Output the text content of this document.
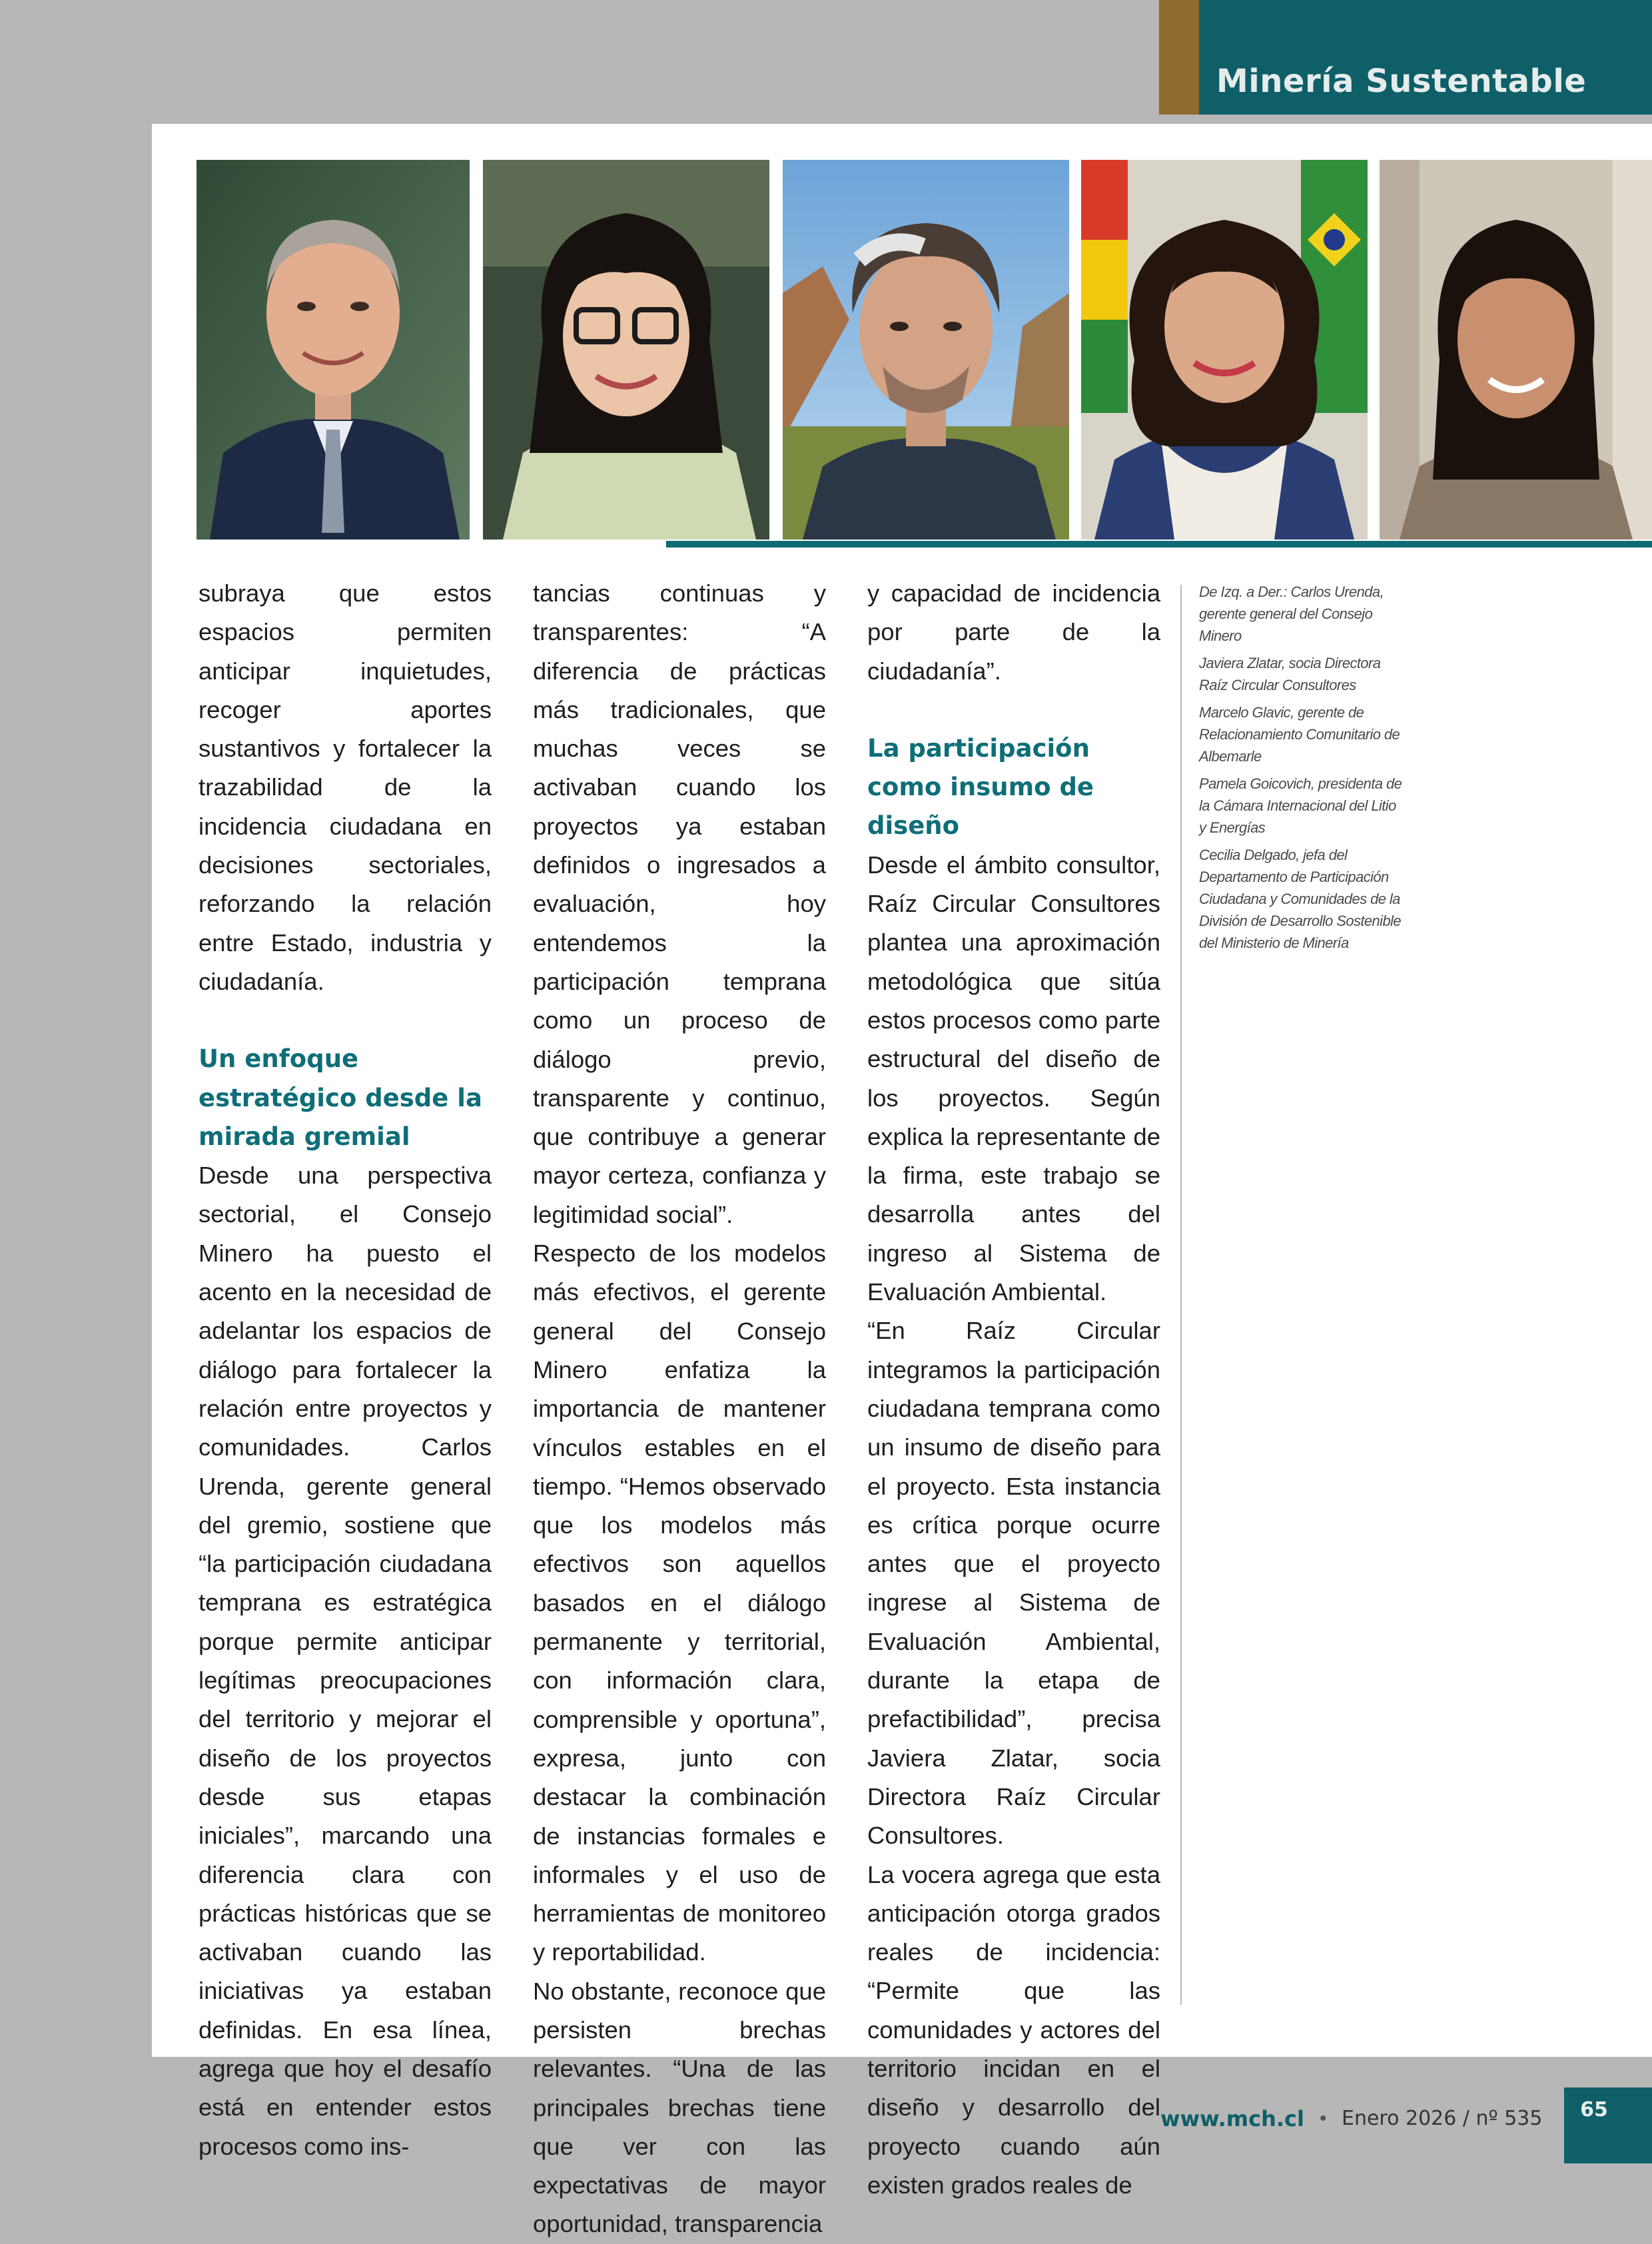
Minería Sustentable

subraya que estos espacios permiten anticipar inquietudes, recoger aportes sustantivos y fortalecer la trazabilidad de la incidencia ciudadana en decisiones sectoriales, reforzando la relación entre Estado, industria y ciudadanía.

Un enfoque estratégico desde la mirada gremial

Desde una perspectiva sectorial, el Consejo Minero ha puesto el acento en la necesidad de adelantar los espacios de diálogo para fortalecer la relación entre proyectos y comunidades. Carlos Urenda, gerente general del gremio, sostiene que “la participación ciudadana temprana es estratégica porque permite anticipar legítimas preocupaciones del territorio y mejorar el diseño de los proyectos desde sus etapas iniciales”, marcando una diferencia clara con prácticas históricas que se activaban cuando las iniciativas ya estaban definidas. En esa línea, agrega que hoy el desafío está en entender estos procesos como ins-

tancias continuas y transparentes: “A diferencia de prácticas más tradicionales, que muchas veces se activaban cuando los proyectos ya estaban definidos o ingresados a evaluación, hoy entendemos la participación temprana como un proceso de diálogo previo, transparente y continuo, que contribuye a generar mayor certeza, confianza y legitimidad social”.

Respecto de los modelos más efectivos, el gerente general del Consejo Minero enfatiza la importancia de mantener vínculos estables en el tiempo. “Hemos observado que los modelos más efectivos son aquellos basados en el diálogo permanente y territorial, con información clara, comprensible y oportuna”, expresa, junto con destacar la combinación de instancias formales e informales y el uso de herramientas de monitoreo y reportabilidad.

No obstante, reconoce que persisten brechas relevantes. “Una de las principales brechas tiene que ver con las expectativas de mayor oportunidad, transparencia

y capacidad de incidencia por parte de la ciudadanía”.

La participación como insumo de diseño

Desde el ámbito consultor, Raíz Circular Consultores plantea una aproximación metodológica que sitúa estos procesos como parte estructural del diseño de los proyectos. Según explica la representante de la firma, este trabajo se desarrolla antes del ingreso al Sistema de Evaluación Ambiental.

“En Raíz Circular integramos la participación ciudadana temprana como un insumo de diseño para el proyecto. Esta instancia es crítica porque ocurre antes que el proyecto ingrese al Sistema de Evaluación Ambiental, durante la etapa de prefactibilidad”, precisa Javiera Zlatar, socia Directora Raíz Circular Consultores.

La vocera agrega que esta anticipación otorga grados reales de incidencia: “Permite que las comunidades y actores del territorio incidan en el diseño y desarrollo del proyecto cuando aún existen grados reales de

De Izq. a Der.: Carlos Urenda, gerente general del Consejo Minero

Javiera Zlatar, socia Directora Raíz Circular Consultores

Marcelo Glavic, gerente de Relacionamiento Comunitario de Albemarle

Pamela Goicovich, presidenta de la Cámara Internacional del Litio y Energías

Cecilia Delgado, jefa del Departamento de Participación Ciudadana y Comunidades de la División de Desarrollo Sostenible del Ministerio de Minería

www.mch.cl • Enero 2026 / nº 535	65
